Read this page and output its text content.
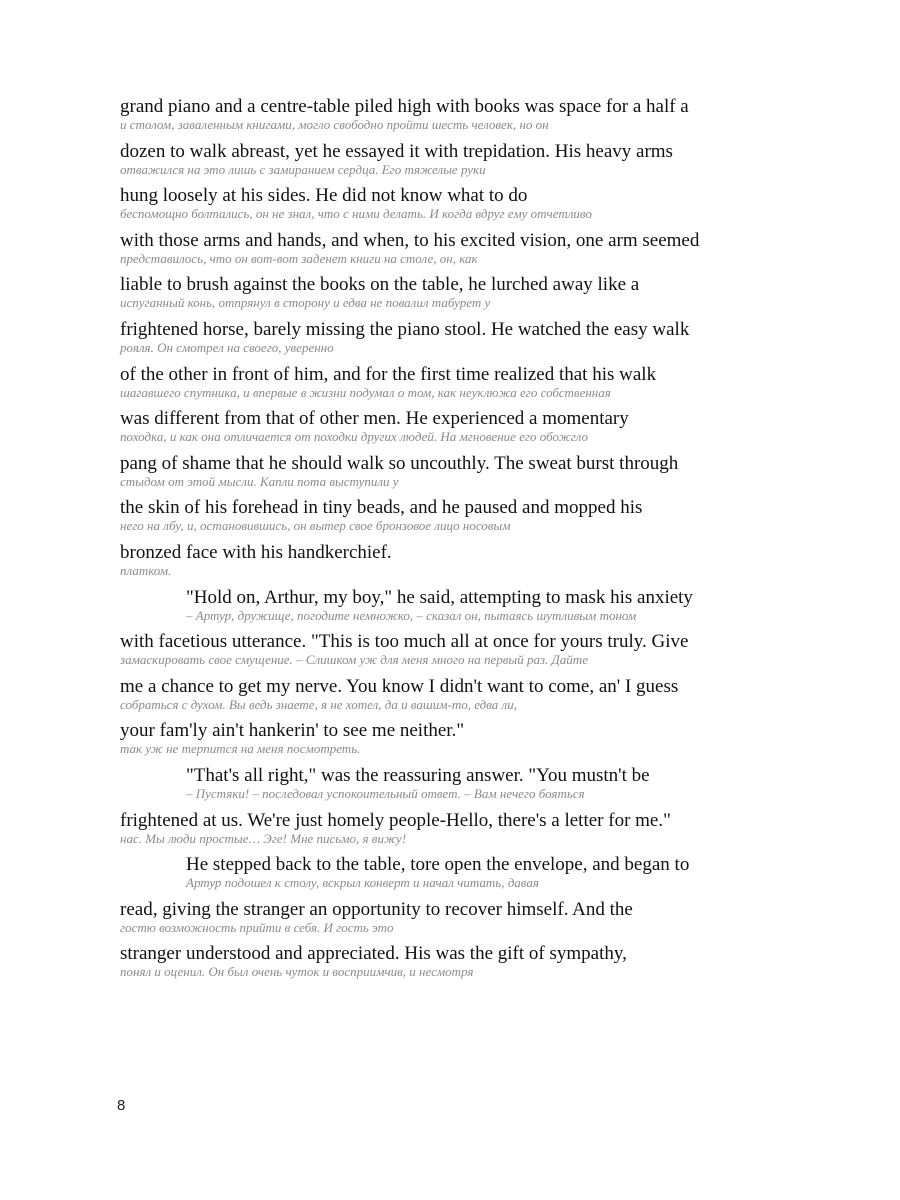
grand piano and a centre-table piled high with books was space for a half a
и столом, заваленным книгами, могло свободно пройти шесть человек, но он
dozen to walk abreast, yet he essayed it with trepidation. His heavy arms
отважился на это лишь с замиранием сердца. Его тяжелые руки
hung loosely at his sides. He did not know what to do
беспомощно болтались, он не знал, что с ними делать. И когда вдруг ему отчетливо
with those arms and hands, and when, to his excited vision, one arm seemed
представилось, что он вот-вот заденет книги на столе, он, как
liable to brush against the books on the table, he lurched away like a
испуганный конь, отпрянул в сторону и едва не повалил табурет у
frightened horse, barely missing the piano stool. He watched the easy walk
рояля. Он смотрел на своего, уверенно
of the other in front of him, and for the first time realized that his walk
шагавшего спутника, и впервые в жизни подумал о том, как неуклюжа его собственная
was different from that of other men. He experienced a momentary
походка, и как она отличается от походки других людей. На мгновение его обожгло
pang of shame that he should walk so uncouthly. The sweat burst through
стыдом от этой мысли. Капли пота выступили у
the skin of his forehead in tiny beads, and he paused and mopped his
него на лбу, и, остановившись, он вытер свое бронзовое лицо носовым
bronzed face with his handkerchief.
платком.
"Hold on, Arthur, my boy," he said, attempting to mask his anxiety
– Артур, дружище, погодите немножко, – сказал он, пытаясь шутливым тоном
with facetious utterance. "This is too much all at once for yours truly. Give
замаскировать свое смущение. – Слишком уж для меня много на первый раз. Дайте
me a chance to get my nerve. You know I didn't want to come, an' I guess
собраться с духом. Вы ведь знаете, я не хотел, да и вашим-то, едва ли,
your fam'ly ain't hankerin' to see me neither."
так уж не терпится на меня посмотреть.
"That's all right," was the reassuring answer. "You mustn't be
– Пустяки! – последовал успокоительный ответ. – Вам нечего бояться
frightened at us. We're just homely people-Hello, there's a letter for me."
нас. Мы люди простые… Эге! Мне письмо, я вижу!
He stepped back to the table, tore open the envelope, and began to
Артур подошел к столу, вскрыл конверт и начал читать, давая
read, giving the stranger an opportunity to recover himself. And the
гостю возможность прийти в себя. И гость это
stranger understood and appreciated. His was the gift of sympathy,
понял и оценил. Он был очень чуток и восприимчив, и несмотря
8
